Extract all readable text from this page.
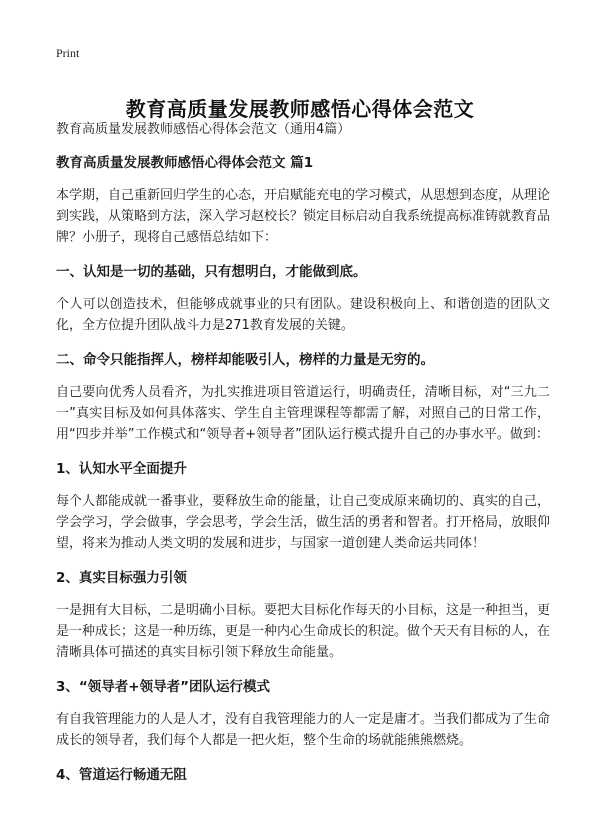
Print
教育高质量发展教师感悟心得体会范文

教育高质量发展教师感悟心得体会范文（通用4篇）

教育高质量发展教师感悟心得体会范文 篇1

本学期，自己重新回归学生的心态，开启赋能充电的学习模式，从思想到态度，从理论到实践，从策略到方法，深入学习赵校长？锁定目标启动自我系统提高标准铸就教育品牌？小册子，现将自己感悟总结如下：

一、认知是一切的基础，只有想明白，才能做到底。

个人可以创造技术，但能够成就事业的只有团队。建设积极向上、和谐创造的团队文化，全方位提升团队战斗力是271教育发展的关键。

二、命令只能指挥人，榜样却能吸引人，榜样的力量是无穷的。

自己要向优秀人员看齐，为扎实推进项目管道运行，明确责任，清晰目标，对“三九二一”真实目标及如何具体落实、学生自主管理课程等都需了解，对照自己的日常工作，用“四步并举”工作模式和“领导者+领导者”团队运行模式提升自己的办事水平。做到：

1、认知水平全面提升

每个人都能成就一番事业，要释放生命的能量，让自己变成原来确切的、真实的自己，学会学习，学会做事，学会思考，学会生活，做生活的勇者和智者。打开格局，放眼仰望，将来为推动人类文明的发展和进步，与国家一道创建人类命运共同体！

2、真实目标强力引领

一是拥有大目标，二是明确小目标。要把大目标化作每天的小目标，这是一种担当，更是一种成长；这是一种历练，更是一种内心生命成长的积淀。做个天天有目标的人，在清晰具体可描述的真实目标引领下释放生命能量。

3、“领导者+领导者”团队运行模式

有自我管理能力的人是人才，没有自我管理能力的人一定是庸才。当我们都成为了生命成长的领导者，我们每个人都是一把火炬，整个生命的场就能熊熊燃烧。

4、管道运行畅通无阻
